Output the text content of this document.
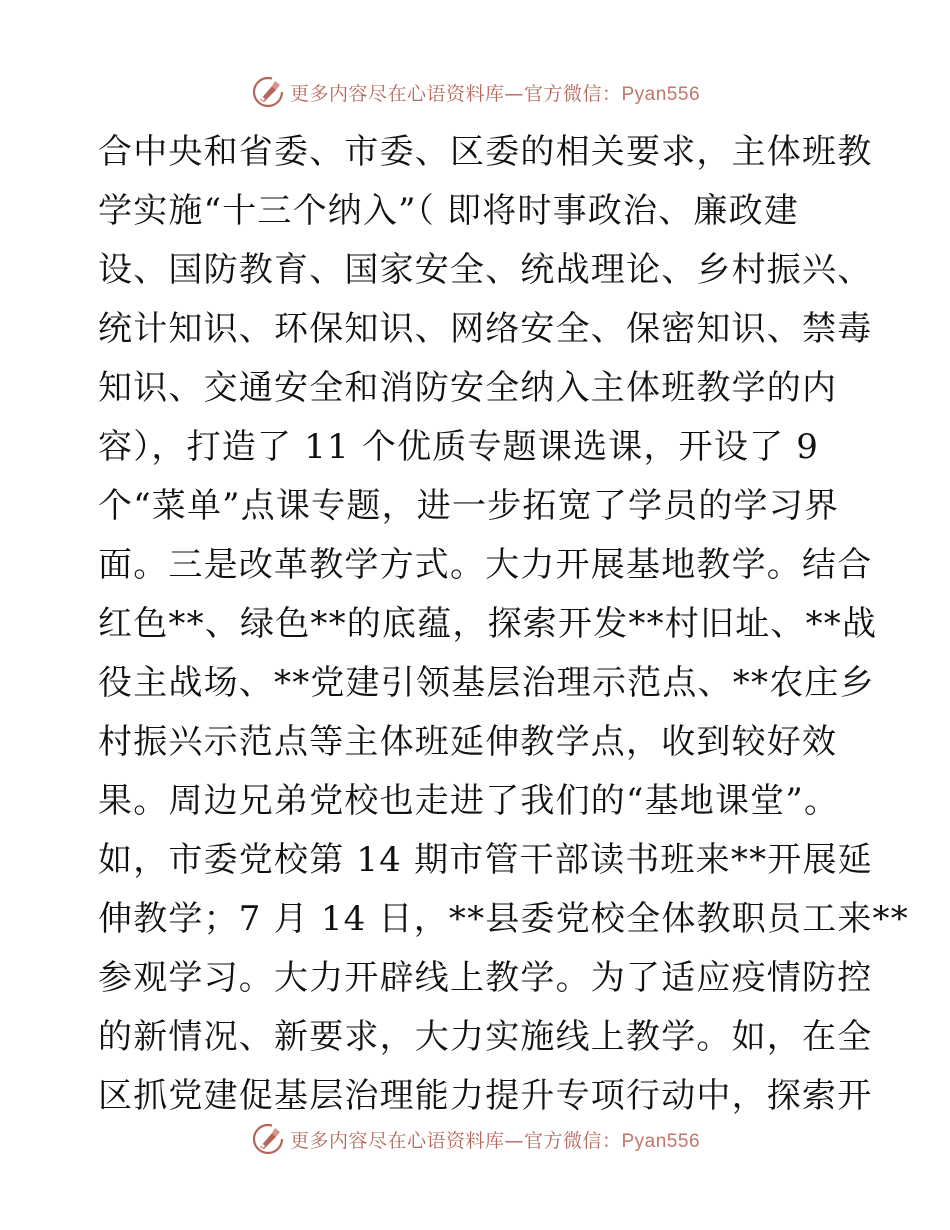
更多内容尽在心语资料库—官方微信：Pyan556
合中央和省委、市委、区委的相关要求，主体班教
学实施“十三个纳入”（ 即将时事政治、廉政建
设、国防教育、国家安全、统战理论、乡村振兴、
统计知识、环保知识、网络安全、保密知识、禁毒
知识、交通安全和消防安全纳入主体班教学的内
容），打造了 11 个优质专题课选课，开设了 9
个“菜单”点课专题，进一步拓宽了学员的学习界
面。三是改革教学方式。大力开展基地教学。结合
红色**、绿色**的底蕴，探索开发**村旧址、**战
役主战场、**党建引领基层治理示范点、**农庄乡
村振兴示范点等主体班延伸教学点，收到较好效
果。周边兄弟党校也走进了我们的“基地课堂”。
如，市委党校第 14 期市管干部读书班来**开展延
伸教学；7 月 14 日，**县委党校全体教职员工来**
参观学习。大力开辟线上教学。为了适应疫情防控
的新情况、新要求，大力实施线上教学。如，在全
区抓党建促基层治理能力提升专项行动中，探索开
更多内容尽在心语资料库—官方微信：Pyan556
